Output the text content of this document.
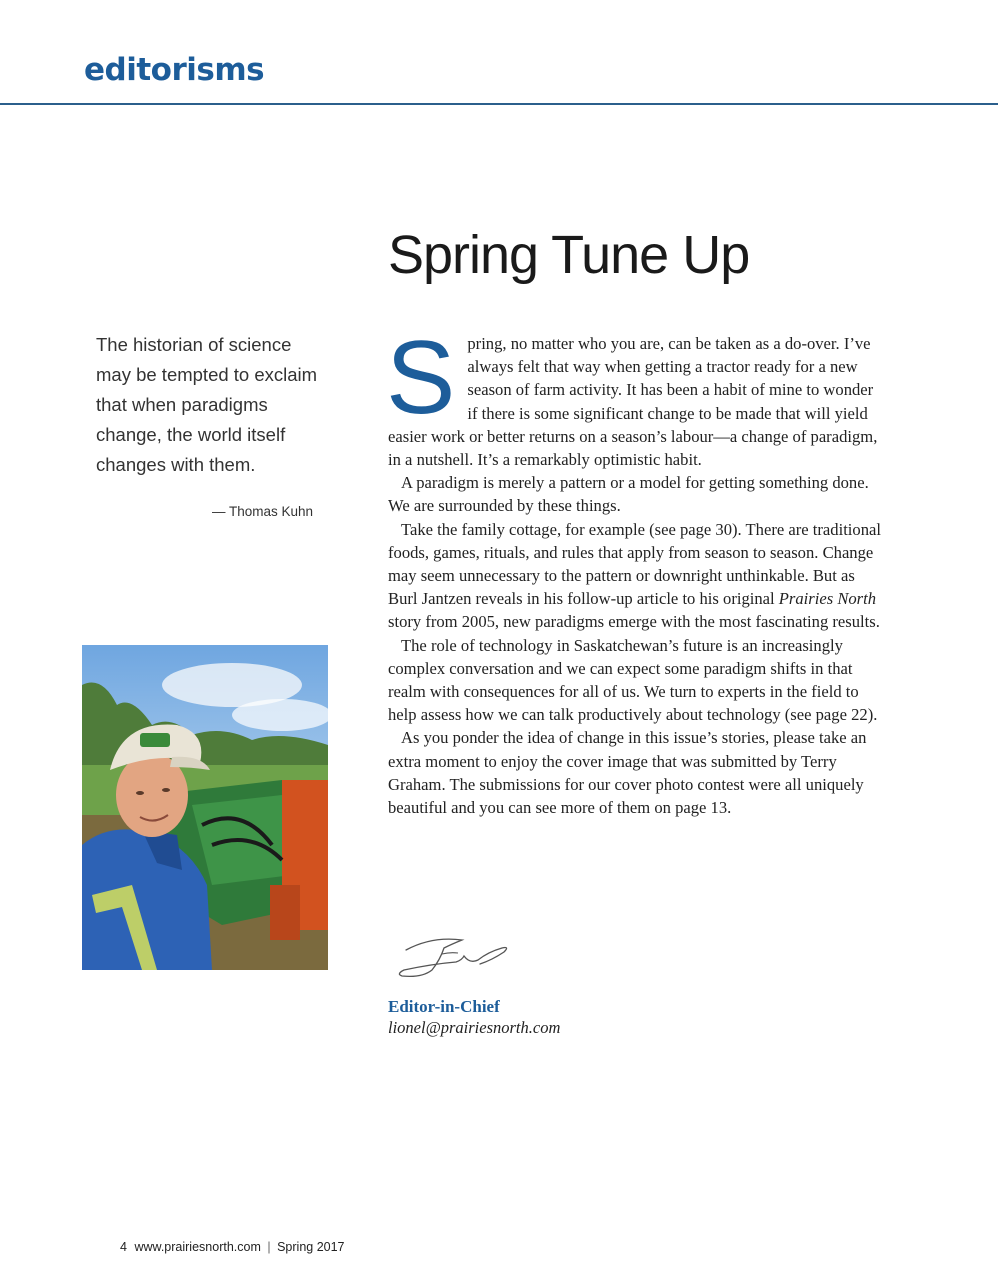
editorisms
Spring Tune Up
The historian of science may be tempted to exclaim that when paradigms change, the world itself changes with them.
— Thomas Kuhn

Spring, no matter who you are, can be taken as a do-over. I’ve always felt that way when getting a tractor ready for a new season of farm activity. It has been a habit of mine to wonder if there is some significant change to be made that will yield easier work or better returns on a season’s labour—a change of paradigm, in a nutshell. It’s a remarkably optimistic habit.

A paradigm is merely a pattern or a model for getting something done. We are surrounded by these things.

Take the family cottage, for example (see page 30). There are traditional foods, games, rituals, and rules that apply from season to season. Change may seem unnecessary to the pattern or downright unthinkable. But as Burl Jantzen reveals in his follow-up article to his original Prairies North story from 2005, new paradigms emerge with the most fascinating results.

The role of technology in Saskatchewan’s future is an increasingly complex conversation and we can expect some paradigm shifts in that realm with consequences for all of us. We turn to experts in the field to help assess how we can talk productively about technology (see page 22).

As you ponder the idea of change in this issue’s stories, please take an extra moment to enjoy the cover image that was submitted by Terry Graham. The submissions for our cover photo contest were all uniquely beautiful and you can see more of them on page 13.

Editor-in-Chief
lionel@prairiesnorth.com
4 www.prairiesnorth.com | Spring 2017
